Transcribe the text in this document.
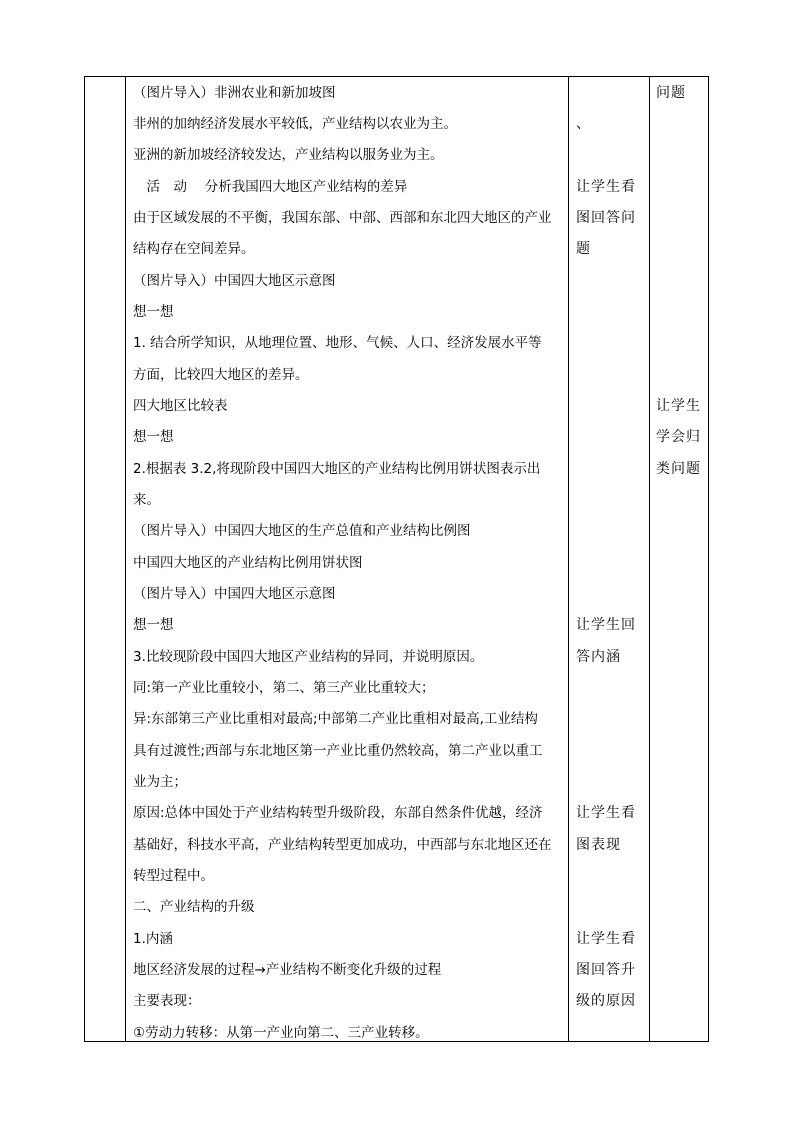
（图片导入）非洲农业和新加坡图
非州的加纳经济发展水平较低，产业结构以农业为主。
亚洲的新加坡经济较发达，产业结构以服务业为主。
　活　动　 分析我国四大地区产业结构的差异
由于区域发展的不平衡，我国东部、中部、西部和东北四大地区的产业
结构存在空间差异。
（图片导入）中国四大地区示意图
想一想
1. 结合所学知识，从地理位置、地形、气候、人口、经济发展水平等
方面，比较四大地区的差异。
四大地区比较表
想一想
2.根据表 3.2,将现阶段中国四大地区的产业结构比例用饼状图表示出
来。
（图片导入）中国四大地区的生产总值和产业结构比例图
中国四大地区的产业结构比例用饼状图
（图片导入）中国四大地区示意图
想一想
3.比较现阶段中国四大地区产业结构的异同，并说明原因。
同:第一产业比重较小，第二、第三产业比重较大；
异:东部第三产业比重相对最高;中部第二产业比重相对最高,工业结构
具有过渡性;西部与东北地区第一产业比重仍然较高，第二产业以重工
业为主；
原因:总体中国处于产业结构转型升级阶段，东部自然条件优越，经济
基础好，科技水平高，产业结构转型更加成功，中西部与东北地区还在
转型过程中。
二、产业结构的升级
1.内涵
地区经济发展的过程→产业结构不断变化升级的过程
主要表现：
①劳动力转移：从第一产业向第二、三产业转移。
、
让学生看
图回答问
题
让学生回
答内涵
让学生看
图表现
让学生看
图回答升
级的原因
问题
让学生
学会归
类问题
